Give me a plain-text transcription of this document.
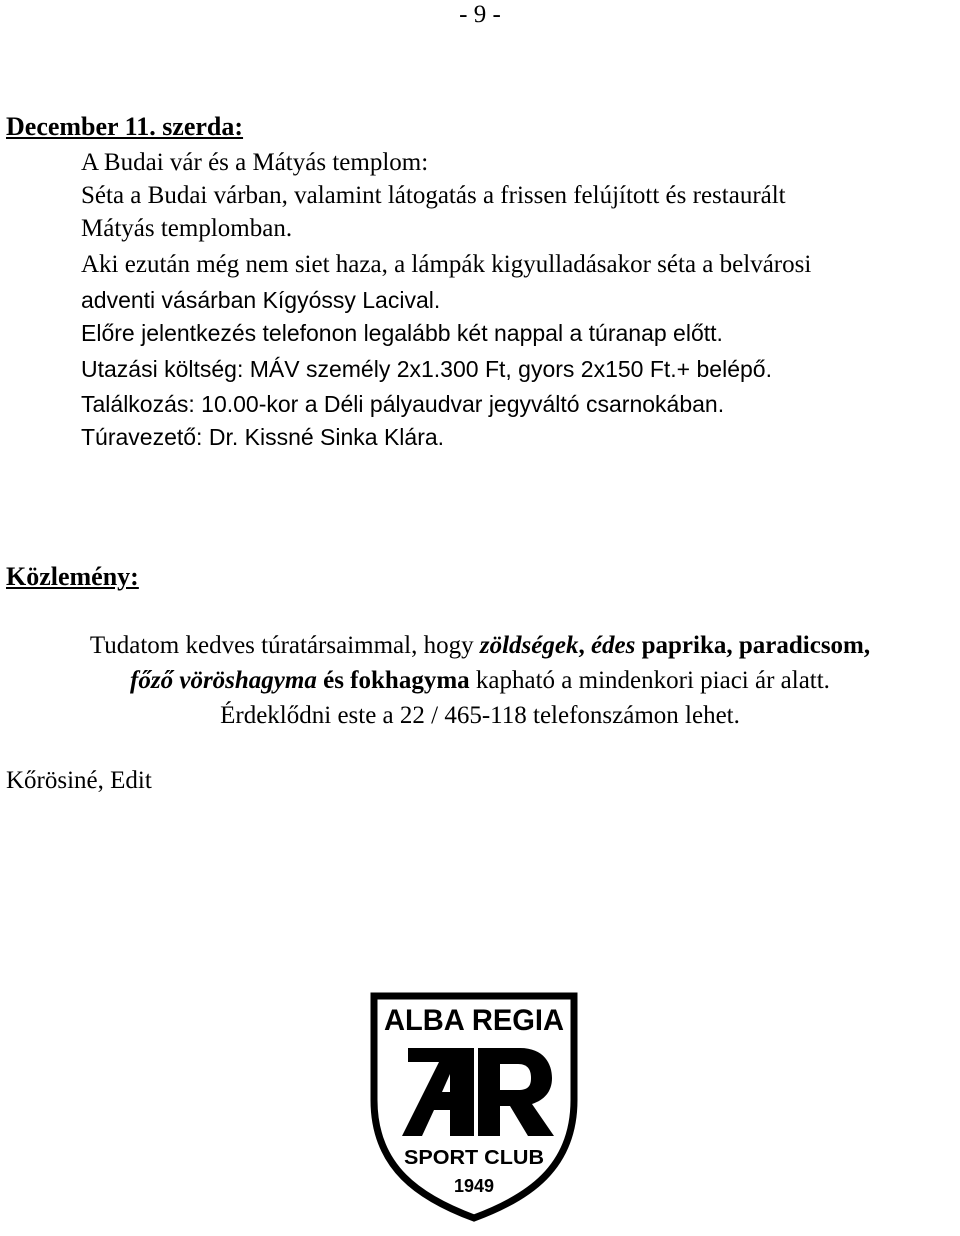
- 9 -
December 11. szerda:
A Budai vár és a Mátyás templom:
Séta a Budai várban, valamint látogatás a frissen felújított és restaurált
Mátyás templomban.
Aki ezután még nem siet haza, a lámpák kigyulladásakor séta a belvárosi
adventi vásárban Kígyóssy Lacival.
Előre jelentkezés telefonon legalább két nappal a túranap előtt.
Utazási költség: MÁV személy 2x1.300 Ft, gyors 2x150 Ft.+ belépő.
Találkozás: 10.00-kor a Déli pályaudvar jegyváltó csarnokában.
Túravezető: Dr. Kissné Sinka Klára.
Közlemény:
Tudatom kedves túratársaimmal, hogy zöldségek, édes paprika, paradicsom,
főző vöröshagyma és fokhagyma kapható a mindenkori piaci ár alatt.
Érdeklődni este a 22 / 465-118 telefonszámon lehet.
Kőrösiné, Edit
ALBA REGIA
SPORT CLUB
1949
